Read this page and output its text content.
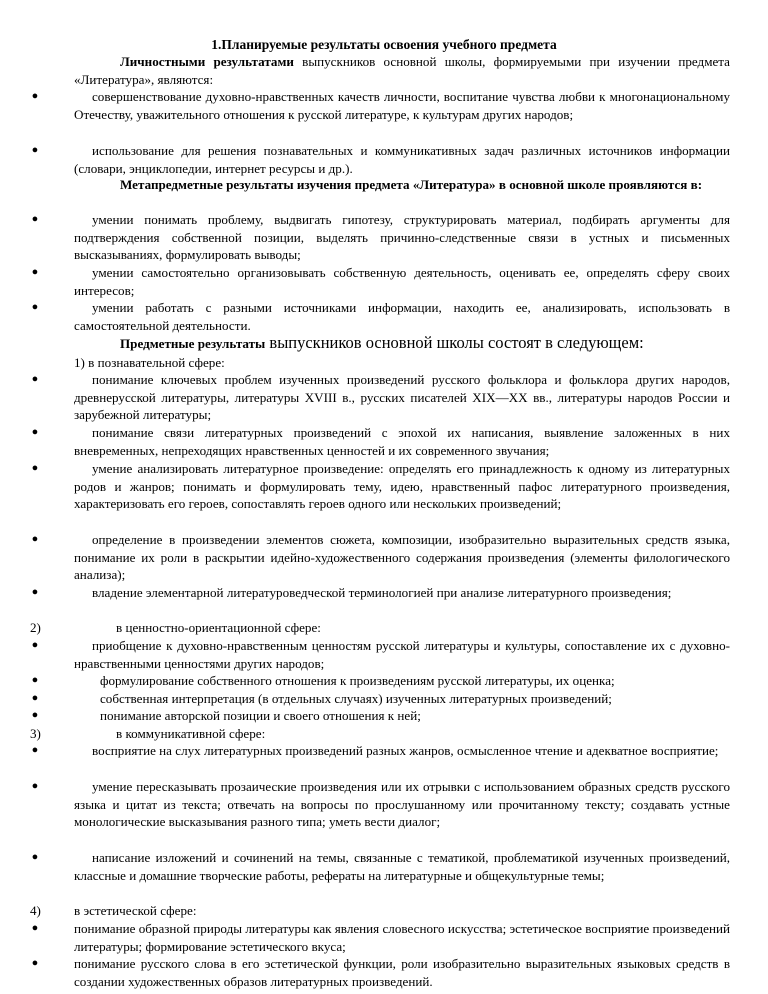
1.Планируемые результаты освоения учебного предмета
Личностными результатами выпускников основной школы, формируемыми при изучении предмета «Литература», являются:
●	совершенствование духовно-нравственных качеств личности, воспитание чувства любви к многонациональному Отечеству, уважительного отношения к русской литературе, к культурам других народов;
●	использование для решения познавательных и коммуникативных задач различных источников информации (словари, энциклопедии, интернет ресурсы и др.).
Метапредметные результаты изучения предмета «Литература» в основной школе проявляются в:
●	умении понимать проблему, выдвигать гипотезу, структурировать материал, подбирать аргументы для подтверждения собственной позиции, выделять причинно-следственные связи в устных и письменных высказываниях, формулировать выводы;
●	умении самостоятельно организовывать собственную деятельность, оценивать ее, определять сферу своих интересов;
●	умении работать с разными источниками информации, находить ее, анализировать, использовать в самостоятельной деятельности.
Предметные результаты выпускников основной школы состоят в следующем:
1) в познавательной сфере:
●	понимание ключевых проблем изученных произведений русского фольклора и фольклора других народов, древнерусской литературы, литературы XVIII в., русских писателей XIX—XX вв., литературы народов России и зарубежной литературы;
●	понимание связи литературных произведений с эпохой их написания, выявление заложенных в них вневременных, непреходящих нравственных ценностей и их современного звучания;
●	умение анализировать литературное произведение: определять его принадлежность к одному из литературных родов и жанров; понимать и формулировать тему, идею, нравственный пафос литературного произведения, характеризовать его героев, сопоставлять героев одного или нескольких произведений;
●	определение в произведении элементов сюжета, композиции, изобразительно выразительных средств языка, понимание их роли в раскрытии идейно-художественного содержания произведения (элементы филологического анализа);
●	владение элементарной литературоведческой терминологией при анализе литературного произведения;
2)	в ценностно-ориентационной сфере:
●	приобщение к духовно-нравственным ценностям русской литературы и культуры, сопоставление их с духовно-нравственными ценностями других народов;
●	формулирование собственного отношения к произведениям русской литературы, их оценка;
●	собственная интерпретация (в отдельных случаях) изученных литературных произведений;
●	понимание авторской позиции и своего отношения к ней;
3)	в коммуникативной сфере:
●	восприятие на слух литературных произведений разных жанров, осмысленное чтение и адекватное восприятие;
●	умение пересказывать прозаические произведения или их отрывки с использованием образных средств русского языка и цитат из текста; отвечать на вопросы по прослушанному или прочитанному тексту; создавать устные монологические высказывания разного типа; уметь вести диалог;
●	написание изложений и сочинений на темы, связанные с тематикой, проблематикой изученных произведений, классные и домашние творческие работы, рефераты на литературные и общекультурные темы;
4)	в эстетической сфере:
●	понимание образной природы литературы как явления словесного искусства; эстетическое восприятие произведений литературы; формирование эстетического вкуса;
●	понимание русского слова в его эстетической функции, роли изобразительно выразительных языковых средств в создании художественных образов литературных произведений.
